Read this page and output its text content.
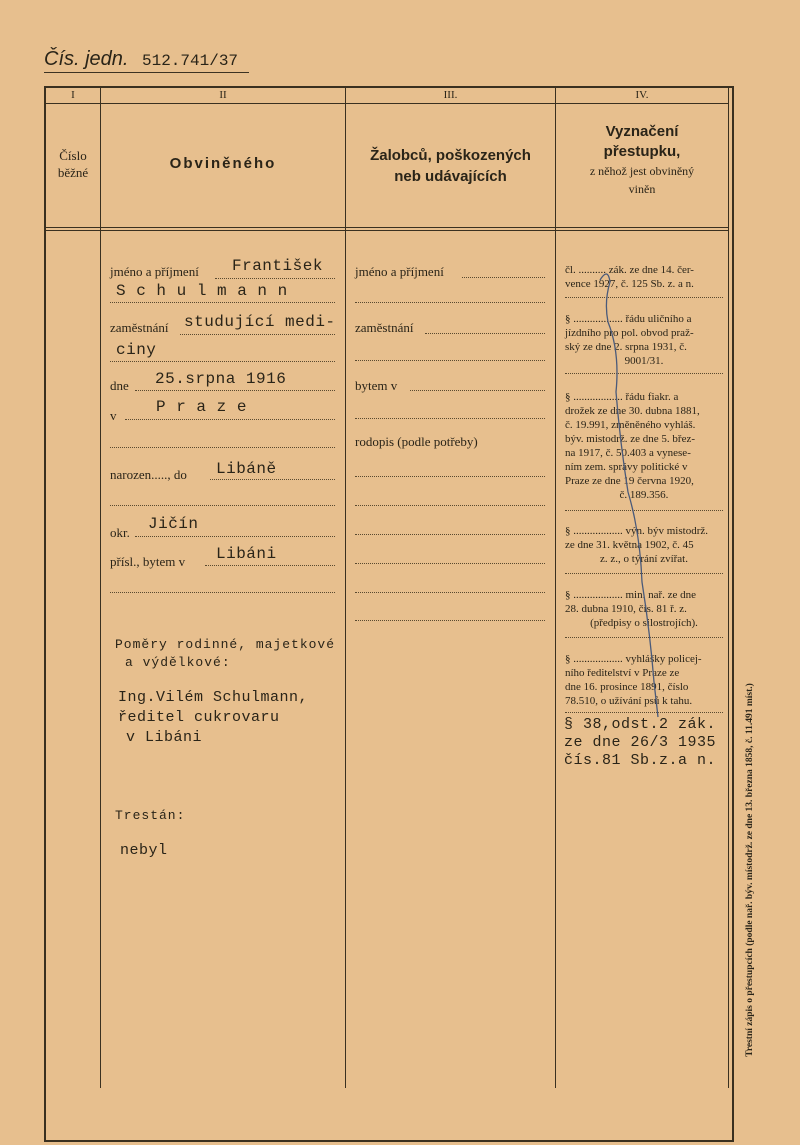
Čís. jedn. 512.741/37
I	II	III.	IV.
Číslo
běžné
Obviněného	Žalobců, poškozených
neb udávajících
Vyznačení
přestupku,
z něhož jest obviněný
viněn
jméno a příjmení František
S c h u l m a n n
zaměstnání studující medi-
ciny
dne 25.srpna 1916
v P r a z e
narozen....., do Libáně
okr. Jičín
přísl., bytem v Libáni
Poměry rodinné, majetkové
a výdělkové:
Ing.Vilém Schulmann,
ředitel cukrovaru
v Libáni
Trestán:
nebyl
jméno a příjmení
zaměstnání
bytem v
rodopis (podle potřeby)
čl. .......... zák. ze dne 14. čer-
vence 1927, č. 125 Sb. z. a n.
§ .................. řádu uličního a
jízdního pro pol. obvod praž-
ský ze dne 2. srpna 1931, č.
9001/31.
§ .................. řádu fiakr. a
drožek ze dne 30. dubna 1881,
č. 19.991, změněného vyhláš.
býv. mistodrž. ze dne 5. břez-
na 1917, č. 50.403 a vynese-
ním zem. správy politické v
Praze ze dne 19 června 1920,
č. 189.356.
§ .................. výn. býv mistodrž.
ze dne 31. května 1902, č. 45
z. z., o týrání zvířat.
§ .................. min. nař. ze dne
28. dubna 1910, čís. 81 ř. z.
(předpisy o silostrojích).
§ .................. vyhlášky policej-
ního ředitelství v Praze ze
dne 16. prosince 1891, číslo
78.510, o užívání psů k tahu.
§ 38,odst.2 zák.
ze dne 26/3 1935
čís.81 Sb.z.a n.	Trestní zápis o přestupcích (podle nař. býv. místodrž. ze dne 13. března 1858, č. 11.491 míst.)
